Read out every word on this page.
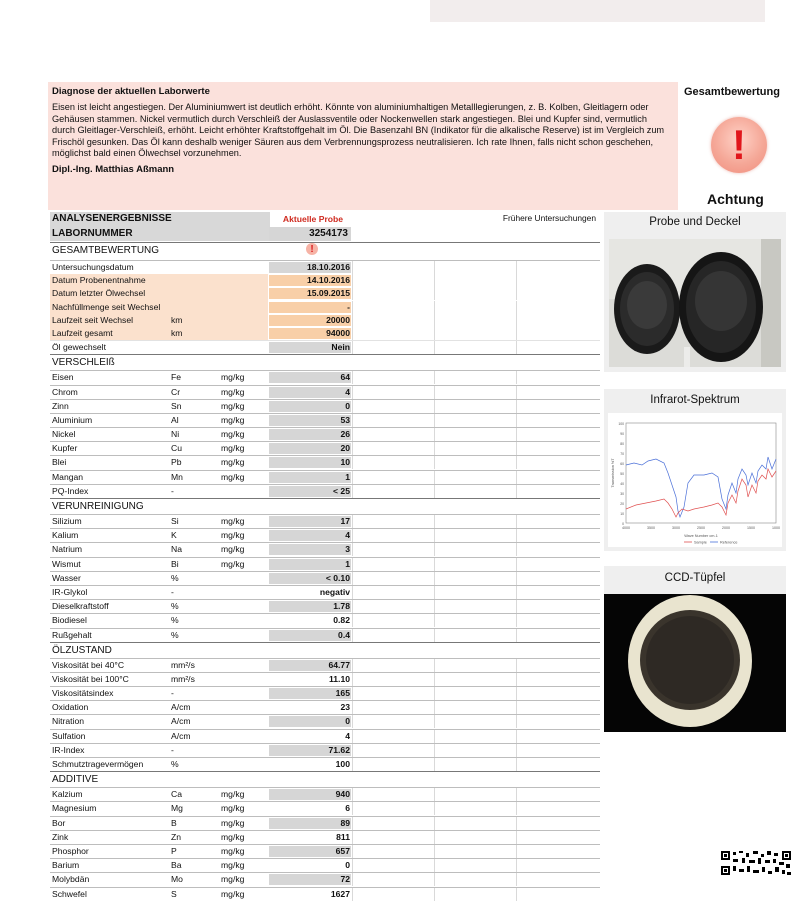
Diagnose der aktuellen Laborwerte
Eisen ist leicht angestiegen. Der Aluminiumwert ist deutlich erhöht. Könnte von aluminiumhaltigen Metalllegierungen, z. B. Kolben, Gleitlagern oder Gehäusen stammen. Nickel vermutlich durch Verschleiß der Auslassventile oder Nockenwellen stark angestiegen. Blei und Kupfer sind, vermutlich durch Gleitlager-Verschleiß, erhöht. Leicht erhöhter Kraftstoffgehalt im Öl. Die Basenzahl BN (Indikator für die alkalische Reserve) ist im Vergleich zum Frischöl gesunken. Das Öl kann deshalb weniger Säuren aus dem Verbrennungsprozess neutralisieren. Ich rate Ihnen, falls nicht schon geschehen, möglichst bald einen Ölwechsel vorzunehmen.
Dipl.-Ing. Matthias Aßmann
Gesamtbewertung
!
Achtung
ANALYSENERGEBNISSE	Aktuelle Probe	Frühere Untersuchungen
LABORNUMMER	3254173
GESAMTBEWERTUNG	!
Untersuchungsdatum	18.10.2016
Datum Probenentnahme	14.10.2016
Datum letzter Ölwechsel	15.09.2015
Nachfüllmenge seit Wechsel	-
Laufzeit seit Wechsel	km	20000
Laufzeit gesamt	km	94000
Öl gewechselt	Nein
VERSCHLEIß
Eisen	Fe	mg/kg	64
Chrom	Cr	mg/kg	4
Zinn	Sn	mg/kg	0
Aluminium	Al	mg/kg	53
Nickel	Ni	mg/kg	26
Kupfer	Cu	mg/kg	20
Blei	Pb	mg/kg	10
Mangan	Mn	mg/kg	1
PQ-Index	-	< 25
VERUNREINIGUNG
Silizium	Si	mg/kg	17
Kalium	K	mg/kg	4
Natrium	Na	mg/kg	3
Wismut	Bi	mg/kg	1
Wasser	%	< 0.10
IR-Glykol	-	negativ
Dieselkraftstoff	%	1.78
Biodiesel	%	0.82
Rußgehalt	%	0.4
ÖLZUSTAND
Viskosität bei 40°C	mm²/s	64.77
Viskosität bei 100°C	mm²/s	11.10
Viskositätsindex	-	165
Oxidation	A/cm	23
Nitration	A/cm	0
Sulfation	A/cm	4
IR-Index	-	71.62
Schmutztragevermögen	%	100
ADDITIVE
Kalzium	Ca	mg/kg	940
Magnesium	Mg	mg/kg	6
Bor	B	mg/kg	89
Zink	Zn	mg/kg	811
Phosphor	P	mg/kg	657
Barium	Ba	mg/kg	0
Molybdän	Mo	mg/kg	72
Schwefel	S	mg/kg	1627
Probe und Deckel
Infrarot-Spektrum
4000	3500	3000	2500	2000	1500	1000
100
90
80
70
60
50
40
30
20
10
0
Wave Number cm-1
Transmission %T
Sample	Reference
CCD-Tüpfel
